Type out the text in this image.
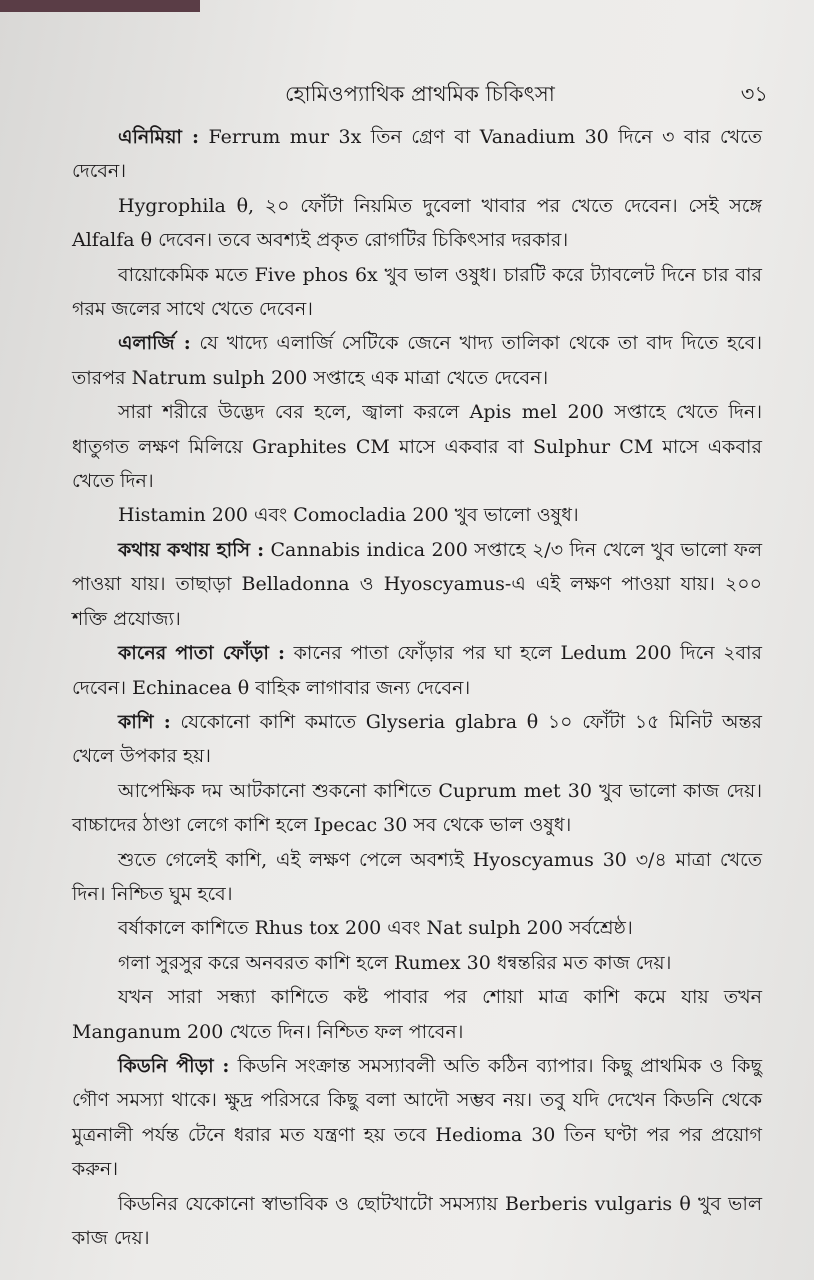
হোমিওপ্যাথিক প্রাথমিক চিকিৎসা	৩১

এনিমিয়া : Ferrum mur 3x তিন গ্রেণ বা Vanadium 30 দিনে ৩ বার খেতে দেবেন।

Hygrophila θ, ২০ ফোঁটা নিয়মিত দুবেলা খাবার পর খেতে দেবেন। সেই সঙ্গে Alfalfa θ দেবেন। তবে অবশ্যই প্রকৃত রোগটির চিকিৎসার দরকার।

বায়োকেমিক মতে Five phos 6x খুব ভাল ওষুধ। চারটি করে ট্যাবলেট দিনে চার বার গরম জলের সাথে খেতে দেবেন।

এলার্জি : যে খাদ্যে এলার্জি সেটিকে জেনে খাদ্য তালিকা থেকে তা বাদ দিতে হবে। তারপর Natrum sulph 200 সপ্তাহে এক মাত্রা খেতে দেবেন।

সারা শরীরে উদ্ভেদ বের হলে, জ্বালা করলে Apis mel 200 সপ্তাহে খেতে দিন। ধাতুগত লক্ষণ মিলিয়ে Graphites CM মাসে একবার বা Sulphur CM মাসে একবার খেতে দিন।

Histamin 200 এবং Comocladia 200 খুব ভালো ওষুধ।

কথায় কথায় হাসি : Cannabis indica 200 সপ্তাহে ২/৩ দিন খেলে খুব ভালো ফল পাওয়া যায়। তাছাড়া Belladonna ও Hyoscyamus-এ এই লক্ষণ পাওয়া যায়। ২০০ শক্তি প্রযোজ্য।

কানের পাতা ফোঁড়া : কানের পাতা ফোঁড়ার পর ঘা হলে Ledum 200 দিনে ২বার দেবেন। Echinacea θ বাহিক লাগাবার জন্য দেবেন।

কাশি : যেকোনো কাশি কমাতে Glyseria glabra θ ১০ ফোঁটা ১৫ মিনিট অন্তর খেলে উপকার হয়।

আপেক্ষিক দম আটকানো শুকনো কাশিতে Cuprum met 30 খুব ভালো কাজ দেয়। বাচ্চাদের ঠাণ্ডা লেগে কাশি হলে Ipecac 30 সব থেকে ভাল ওষুধ।

শুতে গেলেই কাশি, এই লক্ষণ পেলে অবশ্যই Hyoscyamus 30 ৩/৪ মাত্রা খেতে দিন। নিশ্চিত ঘুম হবে।

বর্ষাকালে কাশিতে Rhus tox 200 এবং Nat sulph 200 সর্বশ্রেষ্ঠ।

গলা সুরসুর করে অনবরত কাশি হলে Rumex 30 ধন্বন্তরির মত কাজ দেয়।

যখন সারা সন্ধ্যা কাশিতে কষ্ট পাবার পর শোয়া মাত্র কাশি কমে যায় তখন Manganum 200 খেতে দিন। নিশ্চিত ফল পাবেন।

কিডনি পীড়া : কিডনি সংক্রান্ত সমস্যাবলী অতি কঠিন ব্যাপার। কিছু প্রাথমিক ও কিছু গৌণ সমস্যা থাকে। ক্ষুদ্র পরিসরে কিছু বলা আদৌ সম্ভব নয়। তবু যদি দেখেন কিডনি থেকে মুত্রনালী পর্যন্ত টেনে ধরার মত যন্ত্রণা হয় তবে Hedioma 30 তিন ঘণ্টা পর পর প্রয়োগ করুন।

কিডনির যেকোনো স্বাভাবিক ও ছোটখাটো সমস্যায় Berberis vulgaris θ খুব ভাল কাজ দেয়।
